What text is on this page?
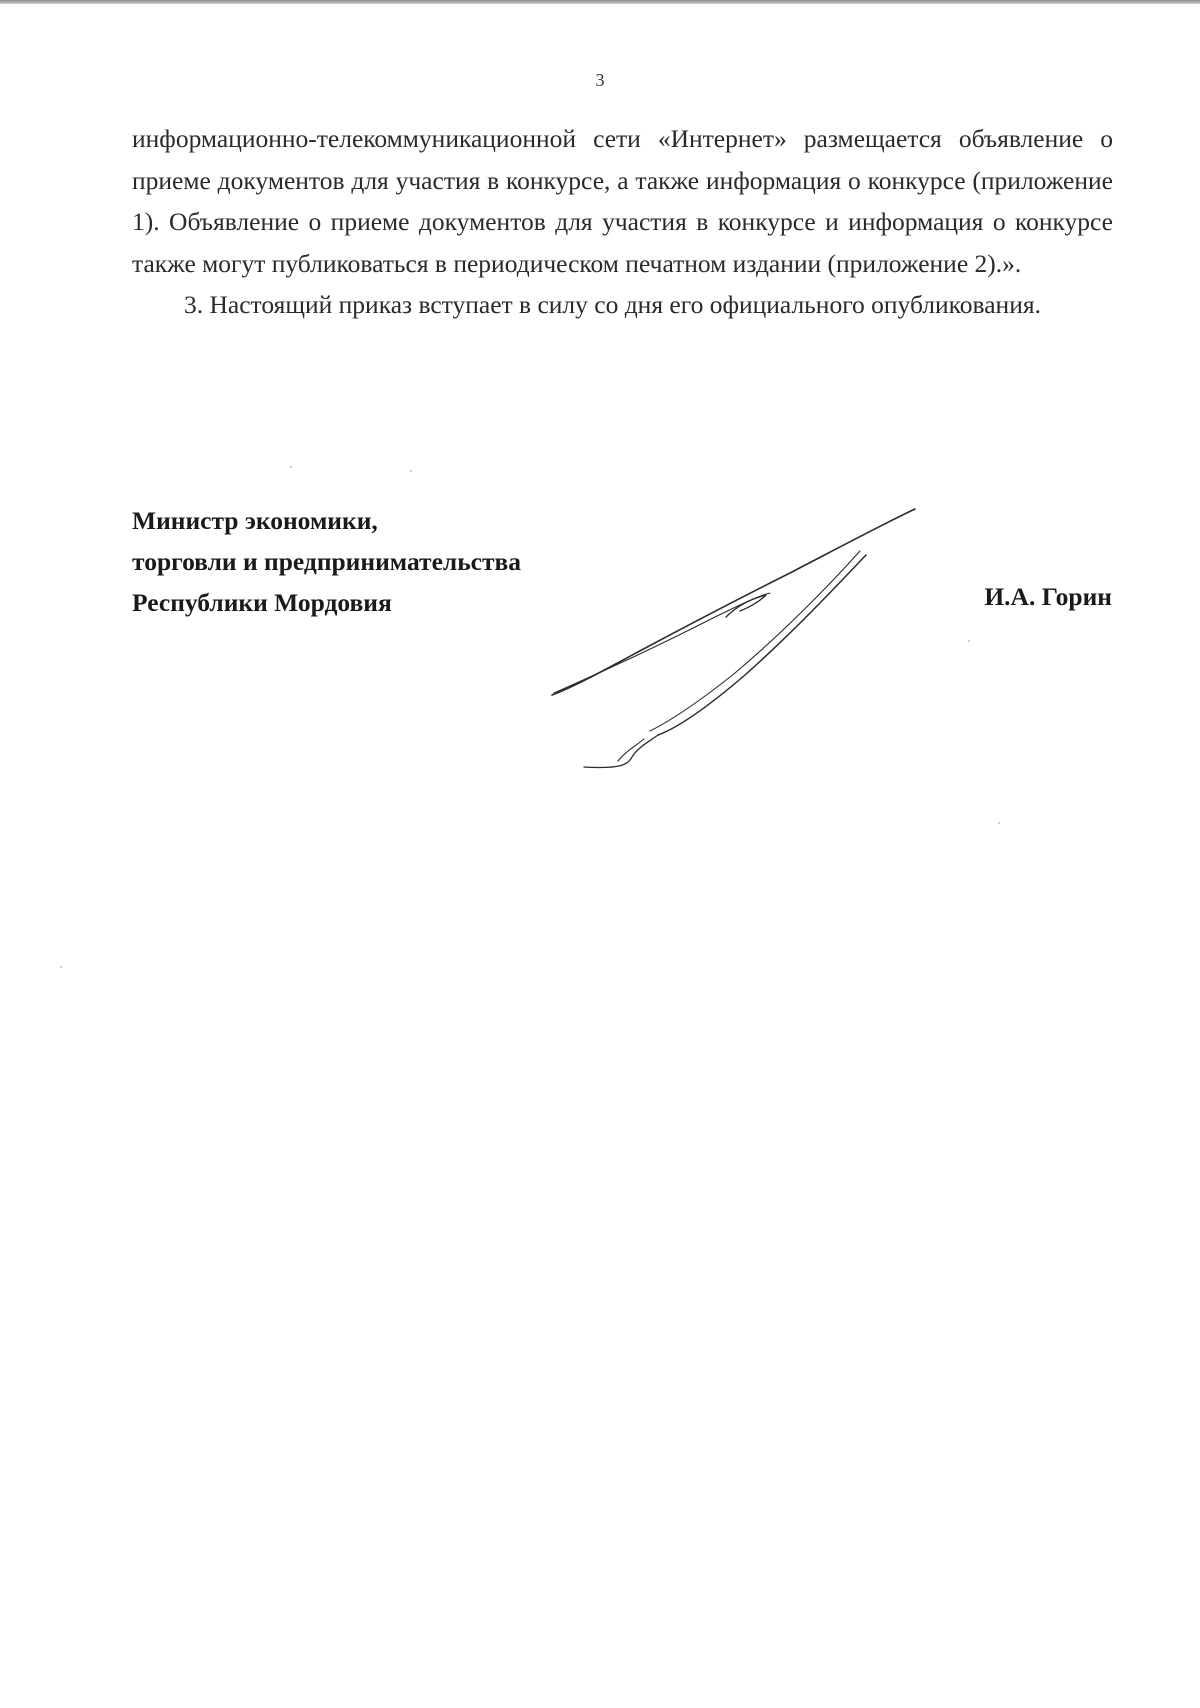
3

информационно-телекоммуникационной сети «Интернет» размещается объявление о приеме документов для участия в конкурсе, а также информация о конкурсе (приложение 1). Объявление о приеме документов для участия в конкурсе и информация о конкурсе также могут публиковаться в периодическом печатном издании (приложение 2).».

3. Настоящий приказ вступает в силу со дня его официального опубликования.

Министр экономики,
торговли и предпринимательства
Республики Мордовия	И.А. Горин
